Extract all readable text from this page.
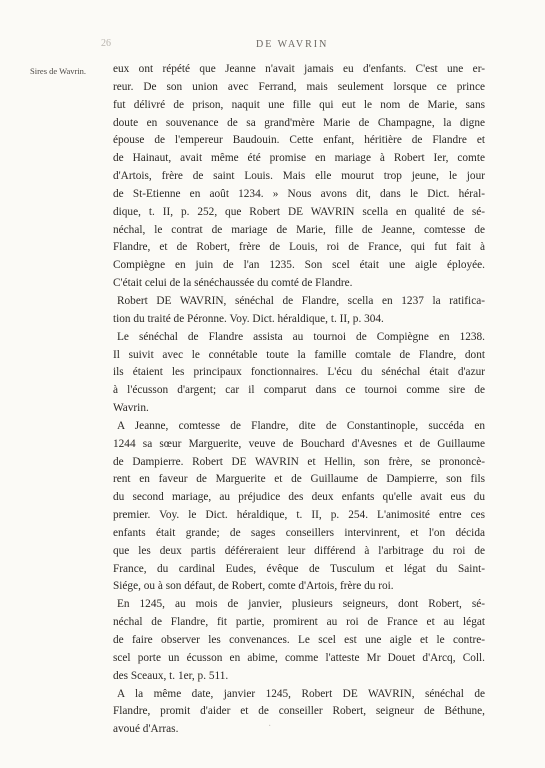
26	DE WAVRIN
Sires de Wavrin.	eux ont répété que Jeanne n'avait jamais eu d'enfants. C'est une er-
reur. De son union avec Ferrand, mais seulement lorsque ce prince
fut délivré de prison, naquit une fille qui eut le nom de Marie, sans
doute en souvenance de sa grand'mère Marie de Champagne, la digne
épouse de l'empereur Baudouin. Cette enfant, héritière de Flandre et
de Hainaut, avait même été promise en mariage à Robert Ier, comte
d'Artois, frère de saint Louis. Mais elle mourut trop jeune, le jour
de St-Etienne en août 1234. » Nous avons dit, dans le Dict. héral-
dique, t. II, p. 252, que Robert DE WAVRIN scella en qualité de sé-
néchal, le contrat de mariage de Marie, fille de Jeanne, comtesse de
Flandre, et de Robert, frère de Louis, roi de France, qui fut fait à
Compiègne en juin de l'an 1235. Son scel était une aigle éployée.
C'était celui de la sénéchaussée du comté de Flandre.
Robert DE WAVRIN, sénéchal de Flandre, scella en 1237 la ratifica-
tion du traité de Péronne. Voy. Dict. héraldique, t. II, p. 304.
Le sénéchal de Flandre assista au tournoi de Compiègne en 1238.
Il suivit avec le connétable toute la famille comtale de Flandre, dont
ils étaient les principaux fonctionnaires. L'écu du sénéchal était d'azur
à l'écusson d'argent; car il comparut dans ce tournoi comme sire de
Wavrin.
A Jeanne, comtesse de Flandre, dite de Constantinople, succéda en
1244 sa sœur Marguerite, veuve de Bouchard d'Avesnes et de Guillaume
de Dampierre. Robert DE WAVRIN et Hellin, son frère, se prononcè-
rent en faveur de Marguerite et de Guillaume de Dampierre, son fils
du second mariage, au préjudice des deux enfants qu'elle avait eus du
premier. Voy. le Dict. héraldique, t. II, p. 254. L'animosité entre ces
enfants était grande; de sages conseillers intervinrent, et l'on décida
que les deux partis déféreraient leur différend à l'arbitrage du roi de
France, du cardinal Eudes, évêque de Tusculum et légat du Saint-
Siége, ou à son défaut, de Robert, comte d'Artois, frère du roi.
En 1245, au mois de janvier, plusieurs seigneurs, dont Robert, sé-
néchal de Flandre, fit partie, promirent au roi de France et au légat
de faire observer les convenances. Le scel est une aigle et le contre-
scel porte un écusson en abime, comme l'atteste Mr Douet d'Arcq, Coll.
des Sceaux, t. 1er, p. 511.
A la même date, janvier 1245, Robert DE WAVRIN, sénéchal de
Flandre, promit d'aider et de conseiller Robert, seigneur de Béthune,
avoué d'Arras.	·
